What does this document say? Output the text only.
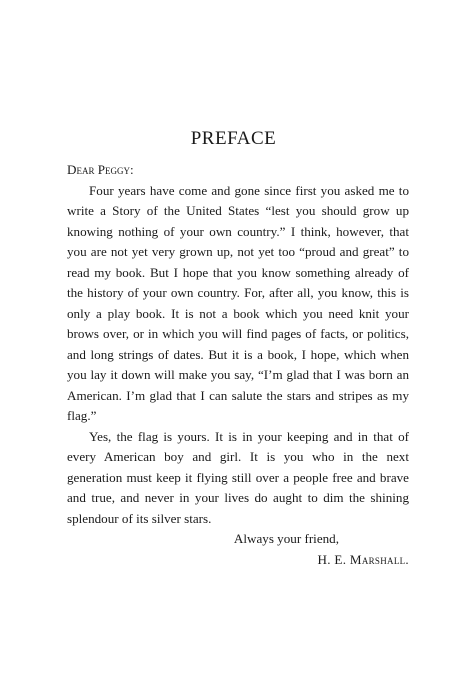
PREFACE

Dear Peggy:

Four years have come and gone since first you asked me to write a Story of the United States “lest you should grow up knowing nothing of your own country.” I think, however, that you are not yet very grown up, not yet too “proud and great” to read my book. But I hope that you know something already of the history of your own country. For, after all, you know, this is only a play book. It is not a book which you need knit your brows over, or in which you will find pages of facts, or politics, and long strings of dates. But it is a book, I hope, which when you lay it down will make you say, “I’m glad that I was born an American. I’m glad that I can salute the stars and stripes as my flag.”

Yes, the flag is yours. It is in your keeping and in that of every American boy and girl. It is you who in the next generation must keep it flying still over a people free and brave and true, and never in your lives do aught to dim the shining splendour of its silver stars.

Always your friend,

H. E. Marshall.
